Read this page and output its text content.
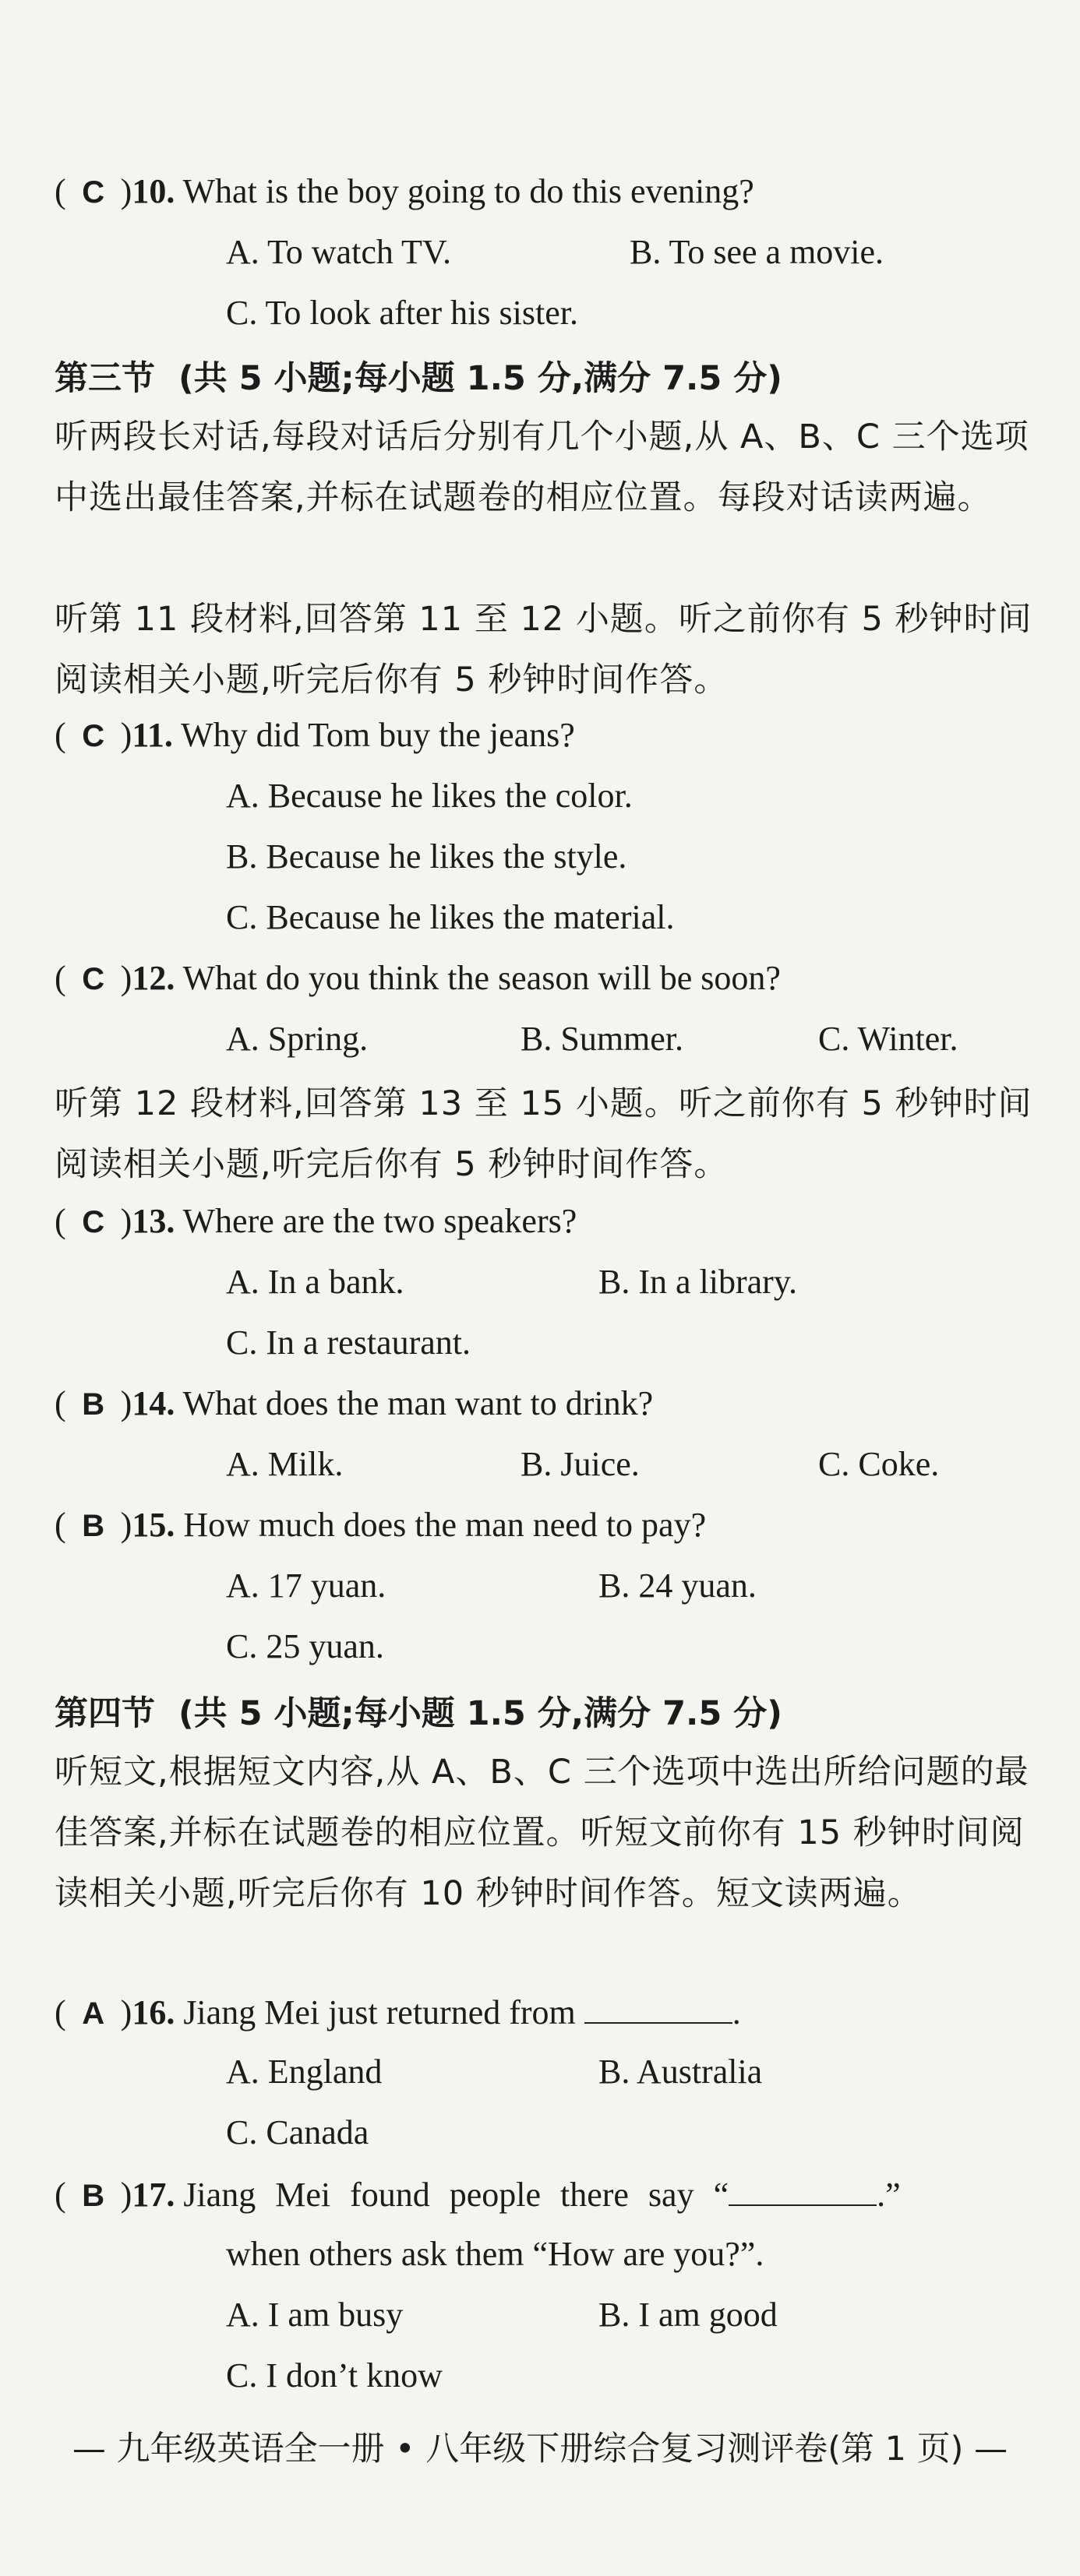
( C )10. What is the boy going to do this evening?
A. To watch TV.	B. To see a movie.
C. To look after his sister.
第三节 (共 5 小题;每小题 1.5 分,满分 7.5 分)
听两段长对话,每段对话后分别有几个小题,从 A、B、C 三个选项中选出最佳答案,并标在试题卷的相应位置。每段对话读两遍。
听第 11 段材料,回答第 11 至 12 小题。听之前你有 5 秒钟时间阅读相关小题,听完后你有 5 秒钟时间作答。
( C )11. Why did Tom buy the jeans?
A. Because he likes the color.
B. Because he likes the style.
C. Because he likes the material.
( C )12. What do you think the season will be soon?
A. Spring.	B. Summer.	C. Winter.
听第 12 段材料,回答第 13 至 15 小题。听之前你有 5 秒钟时间阅读相关小题,听完后你有 5 秒钟时间作答。
( C )13. Where are the two speakers?
A. In a bank.	B. In a library.
C. In a restaurant.
( B )14. What does the man want to drink?
A. Milk.	B. Juice.	C. Coke.
( B )15. How much does the man need to pay?
A. 17 yuan.	B. 24 yuan.
C. 25 yuan.
第四节 (共 5 小题;每小题 1.5 分,满分 7.5 分)
听短文,根据短文内容,从 A、B、C 三个选项中选出所给问题的最佳答案,并标在试题卷的相应位置。听短文前你有 15 秒钟时间阅读相关小题,听完后你有 10 秒钟时间作答。短文读两遍。
( A )16. Jiang Mei just returned from	.
A. England	B. Australia
C. Canada
( B )17. Jiang Mei found people there say “	.”
when others ask them “How are you?”.
A. I am busy	B. I am good
C. I don’t know
— 九年级英语全一册 • 八年级下册综合复习测评卷(第 1 页) —
